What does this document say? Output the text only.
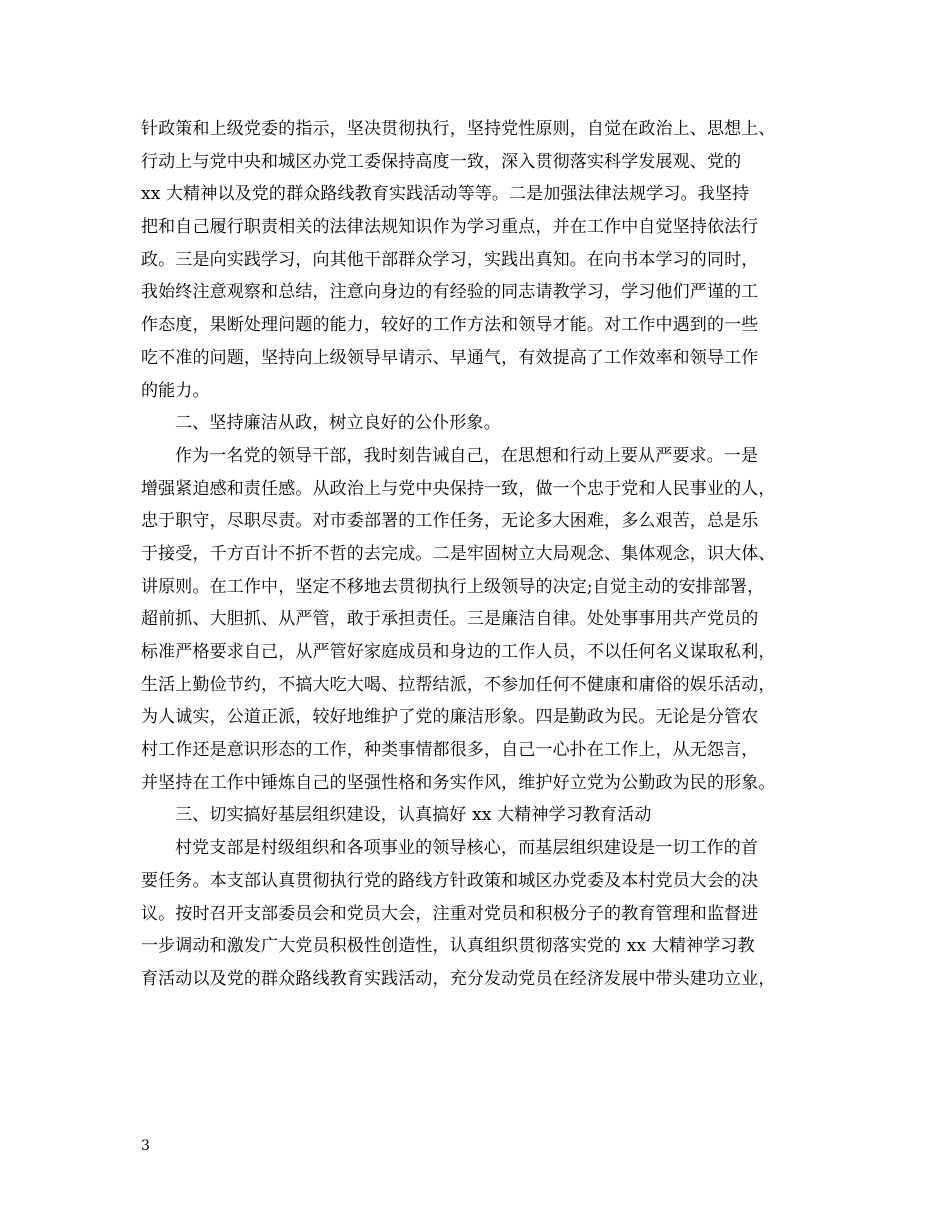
针政策和上级党委的指示，坚决贯彻执行，坚持党性原则，自觉在政治上、思想上、
行动上与党中央和城区办党工委保持高度一致，深入贯彻落实科学发展观、党的
xx 大精神以及党的群众路线教育实践活动等等。二是加强法律法规学习。我坚持
把和自己履行职责相关的法律法规知识作为学习重点，并在工作中自觉坚持依法行
政。三是向实践学习，向其他干部群众学习，实践出真知。在向书本学习的同时，
我始终注意观察和总结，注意向身边的有经验的同志请教学习，学习他们严谨的工
作态度，果断处理问题的能力，较好的工作方法和领导才能。对工作中遇到的一些
吃不准的问题，坚持向上级领导早请示、早通气，有效提高了工作效率和领导工作
的能力。
二、坚持廉洁从政，树立良好的公仆形象。
作为一名党的领导干部，我时刻告诫自己，在思想和行动上要从严要求。一是
增强紧迫感和责任感。从政治上与党中央保持一致，做一个忠于党和人民事业的人，
忠于职守，尽职尽责。对市委部署的工作任务，无论多大困难，多么艰苦，总是乐
于接受，千方百计不折不哲的去完成。二是牢固树立大局观念、集体观念，识大体、
讲原则。在工作中，坚定不移地去贯彻执行上级领导的决定;自觉主动的安排部署，
超前抓、大胆抓、从严管，敢于承担责任。三是廉洁自律。处处事事用共产党员的
标准严格要求自己，从严管好家庭成员和身边的工作人员，不以任何名义谋取私利，
生活上勤俭节约，不搞大吃大喝、拉帮结派，不参加任何不健康和庸俗的娱乐活动，
为人诚实，公道正派，较好地维护了党的廉洁形象。四是勤政为民。无论是分管农
村工作还是意识形态的工作，种类事情都很多，自己一心扑在工作上，从无怨言，
并坚持在工作中锤炼自己的坚强性格和务实作风，维护好立党为公勤政为民的形象。
三、切实搞好基层组织建设，认真搞好 xx 大精神学习教育活动
村党支部是村级组织和各项事业的领导核心，而基层组织建设是一切工作的首
要任务。本支部认真贯彻执行党的路线方针政策和城区办党委及本村党员大会的决
议。按时召开支部委员会和党员大会，注重对党员和积极分子的教育管理和监督进
一步调动和激发广大党员积极性创造性，认真组织贯彻落实党的 xx 大精神学习教
育活动以及党的群众路线教育实践活动，充分发动党员在经济发展中带头建功立业，
3
